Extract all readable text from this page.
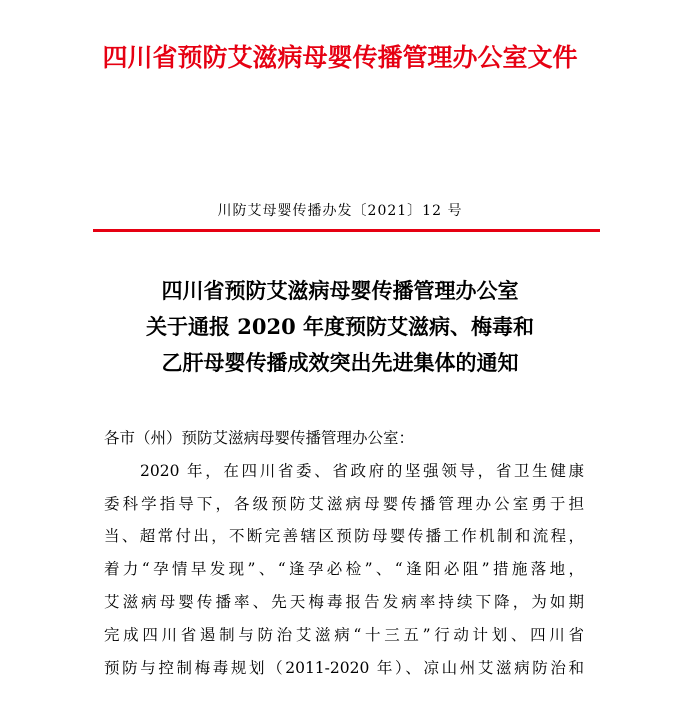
四川省预防艾滋病母婴传播管理办公室文件
川防艾母婴传播办发〔2021〕12 号
四川省预防艾滋病母婴传播管理办公室
关于通报 2020 年度预防艾滋病、梅毒和
乙肝母婴传播成效突出先进集体的通知
各市（州）预防艾滋病母婴传播管理办公室：
2020 年，在四川省委、省政府的坚强领导，省卫生健康
委科学指导下，各级预防艾滋病母婴传播管理办公室勇于担
当、超常付出，不断完善辖区预防母婴传播工作机制和流程，
着力“孕情早发现”、“逢孕必检”、“逢阳必阻”措施落地，
艾滋病母婴传播率、先天梅毒报告发病率持续下降，为如期
完成四川省遏制与防治艾滋病“十三五”行动计划、四川省
预防与控制梅毒规划（2011-2020 年）、凉山州艾滋病防治和
